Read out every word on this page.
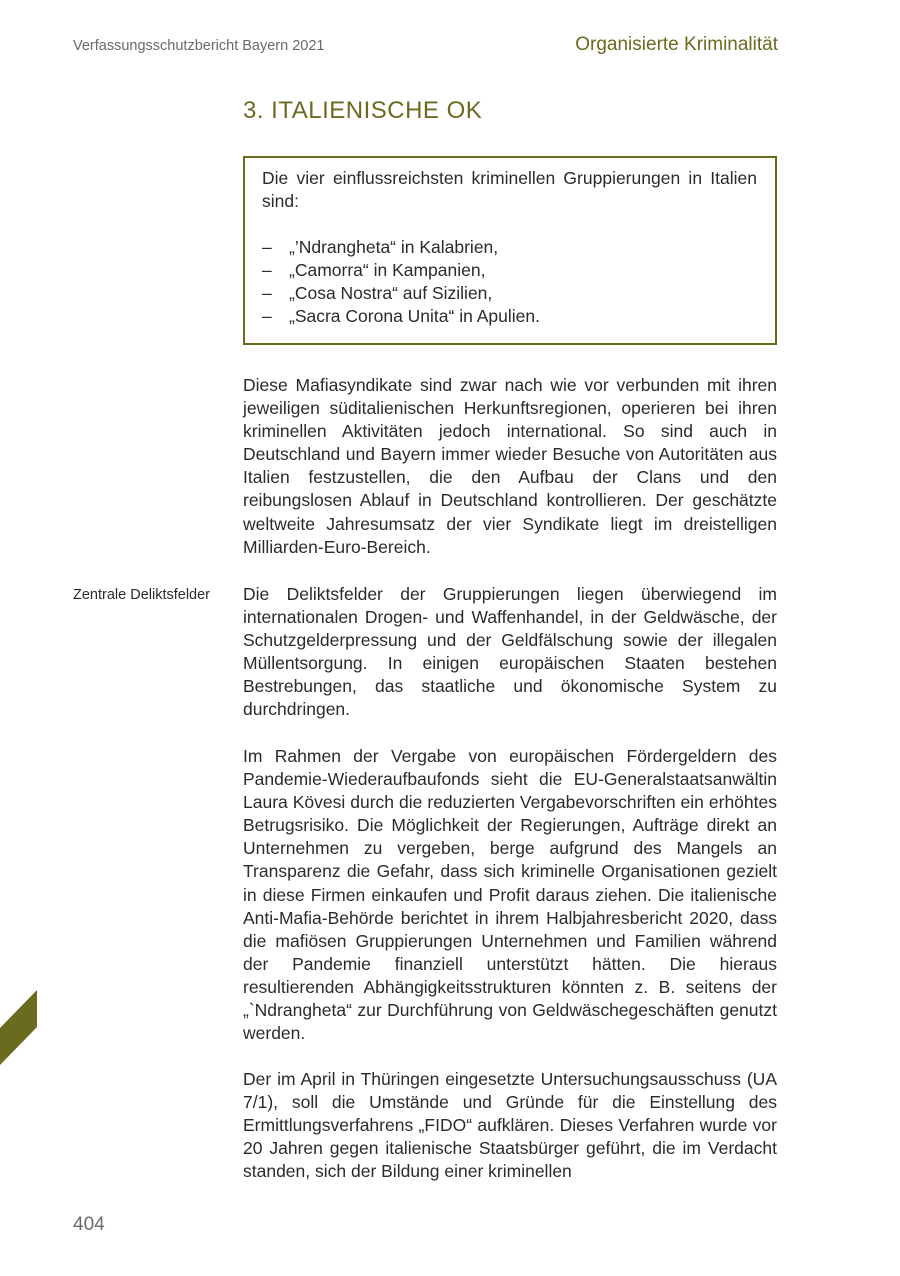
Verfassungsschutzbericht Bayern 2021	Organisierte Kriminalität
3. ITALIENISCHE OK

Die vier einflussreichsten kriminellen Gruppierungen in Italien sind:

– „’Ndrangheta“ in Kalabrien,
– „Camorra“ in Kampanien,
– „Cosa Nostra“ auf Sizilien,
– „Sacra Corona Unita“ in Apulien.

Diese Mafiasyndikate sind zwar nach wie vor verbunden mit ihren jeweiligen süditalienischen Herkunftsregionen, operieren bei ihren kriminellen Aktivitäten jedoch international. So sind auch in Deutschland und Bayern immer wieder Besuche von Autoritäten aus Italien festzustellen, die den Aufbau der Clans und den reibungslosen Ablauf in Deutschland kontrollieren. Der geschätzte weltweite Jahresumsatz der vier Syndikate liegt im dreistelligen Milliarden-Euro-Bereich.

Zentrale Deliktsfelder Die Deliktsfelder der Gruppierungen liegen überwiegend im internationalen Drogen- und Waffenhandel, in der Geldwäsche, der Schutzgelderpressung und der Geldfälschung sowie der illegalen Müllentsorgung. In einigen europäischen Staaten bestehen Bestrebungen, das staatliche und ökonomische System zu durchdringen.

Im Rahmen der Vergabe von europäischen Fördergeldern des Pandemie-Wiederaufbaufonds sieht die EU-Generalstaatsanwältin Laura Kövesi durch die reduzierten Vergabevorschriften ein erhöhtes Betrugsrisiko. Die Möglichkeit der Regierungen, Aufträge direkt an Unternehmen zu vergeben, berge aufgrund des Mangels an Transparenz die Gefahr, dass sich kriminelle Organisationen gezielt in diese Firmen einkaufen und Profit daraus ziehen. Die italienische Anti-Mafia-Behörde berichtet in ihrem Halbjahresbericht 2020, dass die mafiösen Gruppierungen Unternehmen und Familien während der Pandemie finanziell unterstützt hätten. Die hieraus resultierenden Abhängigkeitsstrukturen könnten z. B. seitens der „`Ndrangheta“ zur Durchführung von Geldwäschegeschäften genutzt werden.

Der im April in Thüringen eingesetzte Untersuchungsausschuss (UA 7/1), soll die Umstände und Gründe für die Einstellung des Ermittlungsverfahrens „FIDO“ aufklären. Dieses Verfahren wurde vor 20 Jahren gegen italienische Staatsbürger geführt, die im Verdacht standen, sich der Bildung einer kriminellen

404
